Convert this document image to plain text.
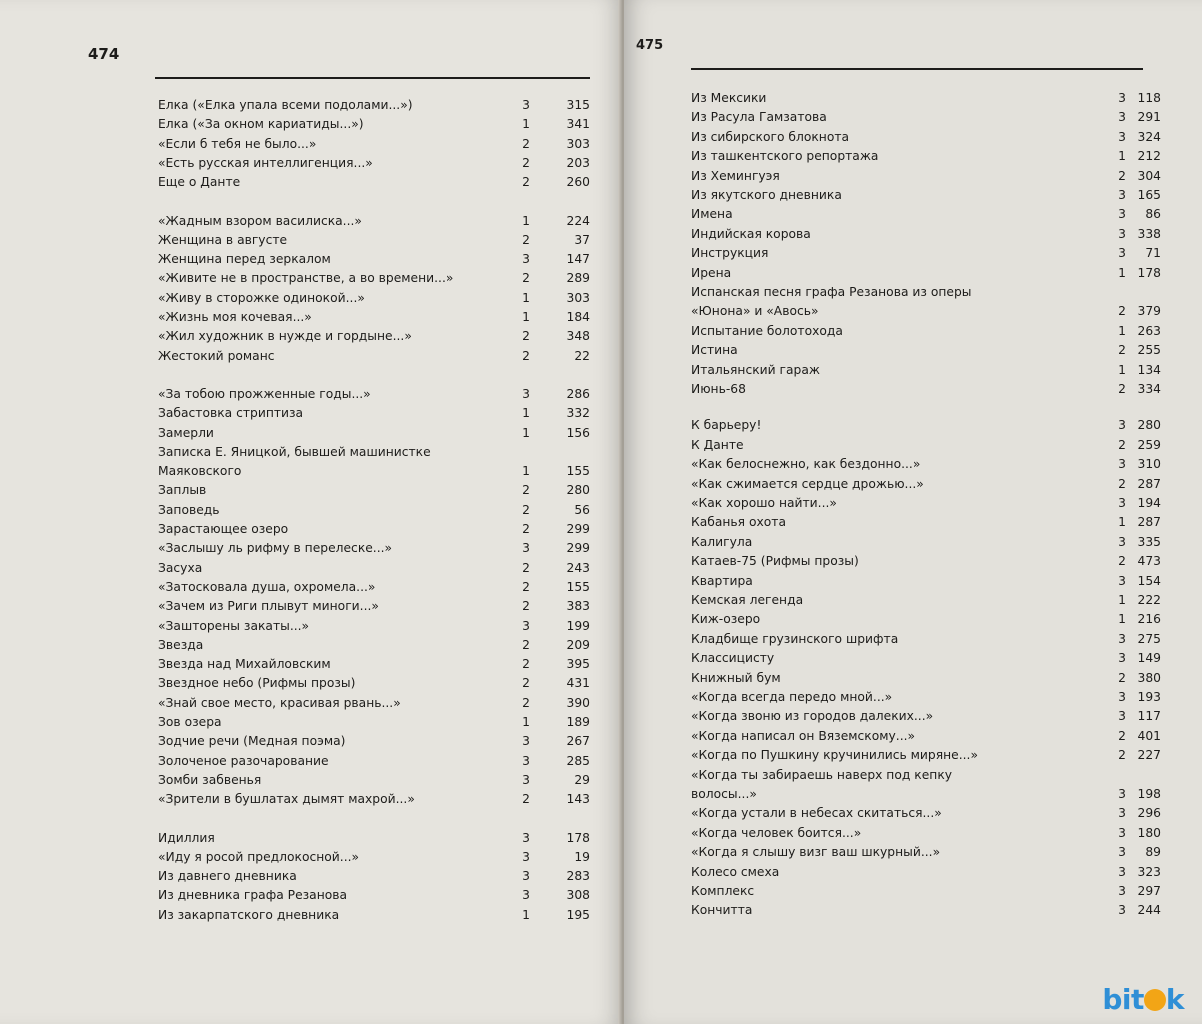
474
Елка («Елка упала всеми подолами...»)	3	315
Елка («За окном кариатиды...»)	1	341
«Если б тебя не было...»	2	303
«Есть русская интеллигенция...»	2	203
Еще о Данте	2	260
«Жадным взором василиска...»	1	224
Женщина в августе	2	37
Женщина перед зеркалом	3	147
«Живите не в пространстве, а во времени...»	2	289
«Живу в сторожке одинокой...»	1	303
«Жизнь моя кочевая...»	1	184
«Жил художник в нужде и гордыне...»	2	348
Жестокий романс	2	22
«За тобою прожженные годы...»	3	286
Забастовка стриптиза	1	332
Замерли	1	156
Записка Е. Яницкой, бывшей машинистке
Маяковского	1	155
Заплыв	2	280
Заповедь	2	56
Зарастающее озеро	2	299
«Заслышу ль рифму в перелеске...»	3	299
Засуха	2	243
«Затосковала душа, охромела...»	2	155
«Зачем из Риги плывут миноги...»	2	383
«Зашторены закаты...»	3	199
Звезда	2	209
Звезда над Михайловским	2	395
Звездное небо (Рифмы прозы)	2	431
«Знай свое место, красивая рвань...»	2	390
Зов озера	1	189
Зодчие речи (Медная поэма)	3	267
Золоченое разочарование	3	285
Зомби забвенья	3	29
«Зрители в бушлатах дымят махрой...»	2	143
Идиллия	3	178
«Иду я росой предлокосной...»	3	19
Из давнего дневника	3	283
Из дневника графа Резанова	3	308
Из закарпатского дневника	1	195
475
Из Мексики	3 118
Из Расула Гамзатова	3 291
Из сибирского блокнота	3 324
Из ташкентского репортажа	1 212
Из Хемингуэя	2 304
Из якутского дневника	3 165
Имена	3	86
Индийская корова	3 338
Инструкция	3	71
Ирена	1 178
Испанская песня графа Резанова из оперы
«Юнона» и «Авось»	2 379
Испытание болотохода	1 263
Истина	2 255
Итальянский гараж	1 134
Июнь-68	2 334
К барьеру!	3 280
К Данте	2 259
«Как белоснежно, как бездонно...»	3 310
«Как сжимается сердце дрожью...»	2 287
«Как хорошо найти...»	3 194
Кабанья охота	1 287
Калигула	3 335
Катаев-75 (Рифмы прозы)	2 473
Квартира	3 154
Кемская легенда	1 222
Киж-озеро	1 216
Кладбище грузинского шрифта	3 275
Классицисту	3 149
Книжный бум	2 380
«Когда всегда передо мной...»	3 193
«Когда звоню из городов далеких...»	3 117
«Когда написал он Вяземскому...»	2 401
«Когда по Пушкину кручинились миряне...»	2 227
«Когда ты забираешь наверх под кепку
волосы...»	3 198
«Когда устали в небесах скитаться...»	3 296
«Когда человек боится...»	3 180
«Когда я слышу визг ваш шкурный...»	3	89
Колесо смеха	3 323
Комплекс	3 297
Кончитта	3 244
bit k
